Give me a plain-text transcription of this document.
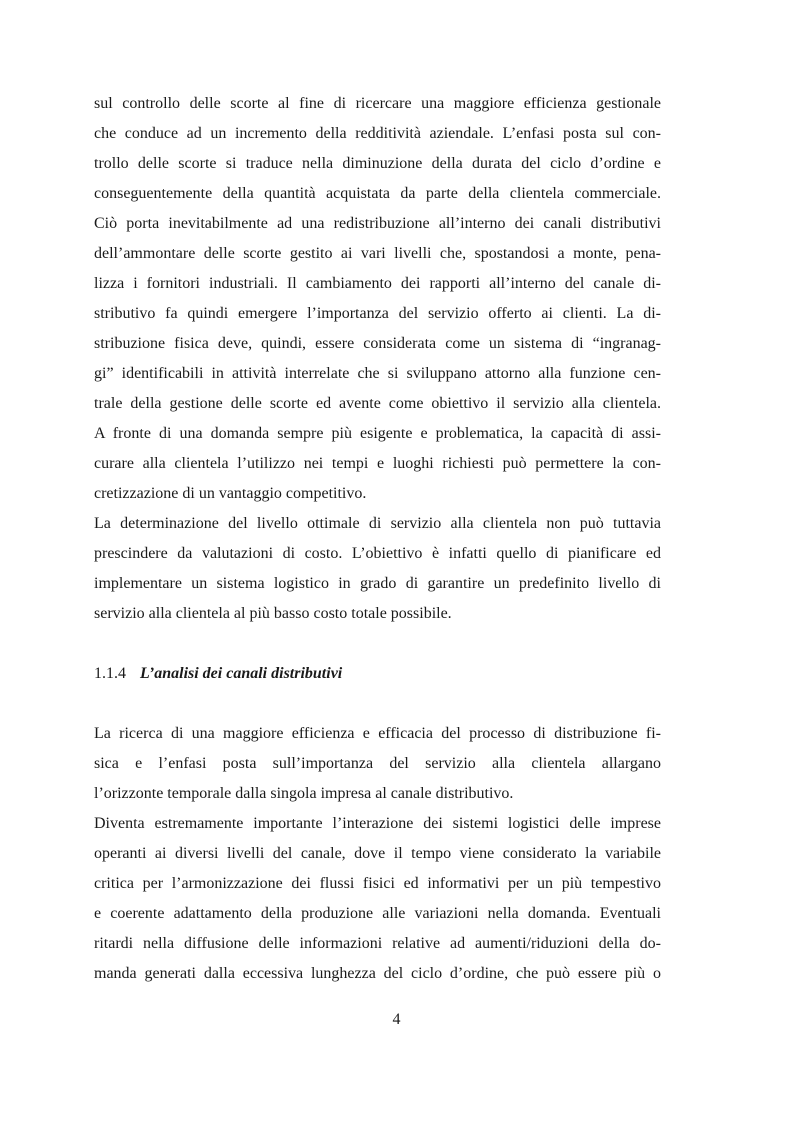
sul controllo delle scorte al fine di ricercare una maggiore efficienza gestionale
che conduce ad un incremento della redditività aziendale. L’enfasi posta sul con-
trollo delle scorte si traduce nella diminuzione della durata del ciclo d’ordine e
conseguentemente della quantità acquistata da parte della clientela commerciale.
Ciò porta inevitabilmente ad una redistribuzione all’interno dei canali distributivi
dell’ammontare delle scorte gestito ai vari livelli che, spostandosi a monte, pena-
lizza i fornitori industriali. Il cambiamento dei rapporti all’interno del canale di-
stributivo fa quindi emergere l’importanza del servizio offerto ai clienti. La di-
stribuzione fisica deve, quindi, essere considerata come un sistema di “ingranag-
gi” identificabili in attività interrelate che si sviluppano attorno alla funzione cen-
trale della gestione delle scorte ed avente come obiettivo il servizio alla clientela.
A fronte di una domanda sempre più esigente e problematica, la capacità di assi-
curare alla clientela l’utilizzo nei tempi e luoghi richiesti può permettere la con-
cretizzazione di un vantaggio competitivo.

La determinazione del livello ottimale di servizio alla clientela non può tuttavia
prescindere da valutazioni di costo. L’obiettivo è infatti quello di pianificare ed
implementare un sistema logistico in grado di garantire un predefinito livello di
servizio alla clientela al più basso costo totale possibile.

1.1.4 L’analisi dei canali distributivi

La ricerca di una maggiore efficienza e efficacia del processo di distribuzione fi-
sica e l’enfasi posta sull’importanza del servizio alla clientela allargano
l’orizzonte temporale dalla singola impresa al canale distributivo.

Diventa estremamente importante l’interazione dei sistemi logistici delle imprese
operanti ai diversi livelli del canale, dove il tempo viene considerato la variabile
critica per l’armonizzazione dei flussi fisici ed informativi per un più tempestivo
e coerente adattamento della produzione alle variazioni nella domanda. Eventuali
ritardi nella diffusione delle informazioni relative ad aumenti/riduzioni della do-
manda generati dalla eccessiva lunghezza del ciclo d’ordine, che può essere più o

4
